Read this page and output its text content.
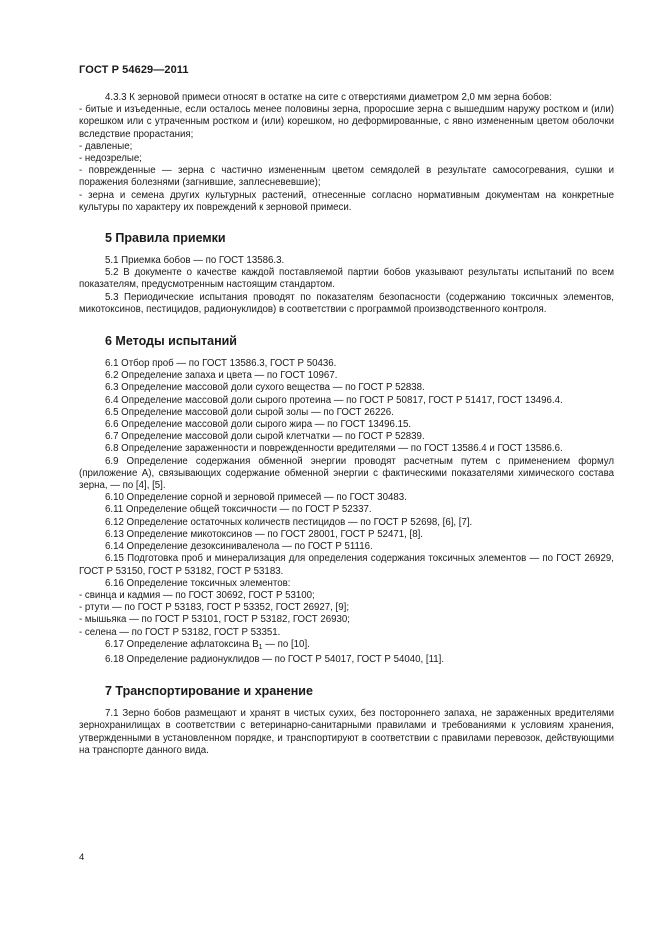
ГОСТ Р 54629—2011

4.3.3 К зерновой примеси относят в остатке на сите с отверстиями диаметром 2,0 мм зерна бобов:

- битые и изъеденные, если осталось менее половины зерна, проросшие зерна с вышедшим наружу ростком и (или) корешком или с утраченным ростком и (или) корешком, но деформированные, с явно измененным цветом оболочки вследствие прорастания;

- давленые;

- недозрелые;

- поврежденные — зерна с частично измененным цветом семядолей в результате самосогревания, сушки и поражения болезнями (загнившие, заплесневевшие);

- зерна и семена других культурных растений, отнесенные согласно нормативным документам на конкретные культуры по характеру их повреждений к зерновой примеси.

5 Правила приемки

5.1 Приемка бобов — по ГОСТ 13586.3.

5.2 В документе о качестве каждой поставляемой партии бобов указывают результаты испытаний по всем показателям, предусмотренным настоящим стандартом.

5.3 Периодические испытания проводят по показателям безопасности (содержанию токсичных элементов, микотоксинов, пестицидов, радионуклидов) в соответствии с программой производственного контроля.

6 Методы испытаний

6.1 Отбор проб — по ГОСТ 13586.3, ГОСТ Р 50436.

6.2 Определение запаха и цвета — по ГОСТ 10967.

6.3 Определение массовой доли сухого вещества — по ГОСТ Р 52838.

6.4 Определение массовой доли сырого протеина — по ГОСТ Р 50817, ГОСТ Р 51417, ГОСТ 13496.4.

6.5 Определение массовой доли сырой золы — по ГОСТ 26226.

6.6 Определение массовой доли сырого жира — по ГОСТ 13496.15.

6.7 Определение массовой доли сырой клетчатки — по ГОСТ Р 52839.

6.8 Определение зараженности и поврежденности вредителями — по ГОСТ 13586.4 и ГОСТ 13586.6.

6.9 Определение содержания обменной энергии проводят расчетным путем с применением формул (приложение А), связывающих содержание обменной энергии с фактическими показателями химического состава зерна, — по [4], [5].

6.10 Определение сорной и зерновой примесей — по ГОСТ 30483.

6.11 Определение общей токсичности — по ГОСТ Р 52337.

6.12 Определение остаточных количеств пестицидов — по ГОСТ Р 52698, [6], [7].

6.13 Определение микотоксинов — по ГОСТ 28001, ГОСТ Р 52471, [8].

6.14 Определение дезоксиниваленола — по ГОСТ Р 51116.

6.15 Подготовка проб и минерализация для определения содержания токсичных элементов — по ГОСТ 26929, ГОСТ Р 53150, ГОСТ Р 53182, ГОСТ Р 53183.

6.16 Определение токсичных элементов:

- свинца и кадмия — по ГОСТ 30692, ГОСТ Р 53100;

- ртути — по ГОСТ Р 53183, ГОСТ Р 53352, ГОСТ 26927, [9];

- мышьяка — по ГОСТ Р 53101, ГОСТ Р 53182, ГОСТ 26930;

- селена — по ГОСТ Р 53182, ГОСТ Р 53351.

6.17 Определение афлатоксина $В_1$ — по [10].

6.18 Определение радионуклидов — по ГОСТ Р 54017, ГОСТ Р 54040, [11].

7 Транспортирование и хранение

7.1 Зерно бобов размещают и хранят в чистых сухих, без постороннего запаха, не зараженных вредителями зернохранилищах в соответствии с ветеринарно-санитарными правилами и требованиями к условиям хранения, утвержденными в установленном порядке, и транспортируют в соответствии с правилами перевозок, действующими на транспорте данного вида.

4
